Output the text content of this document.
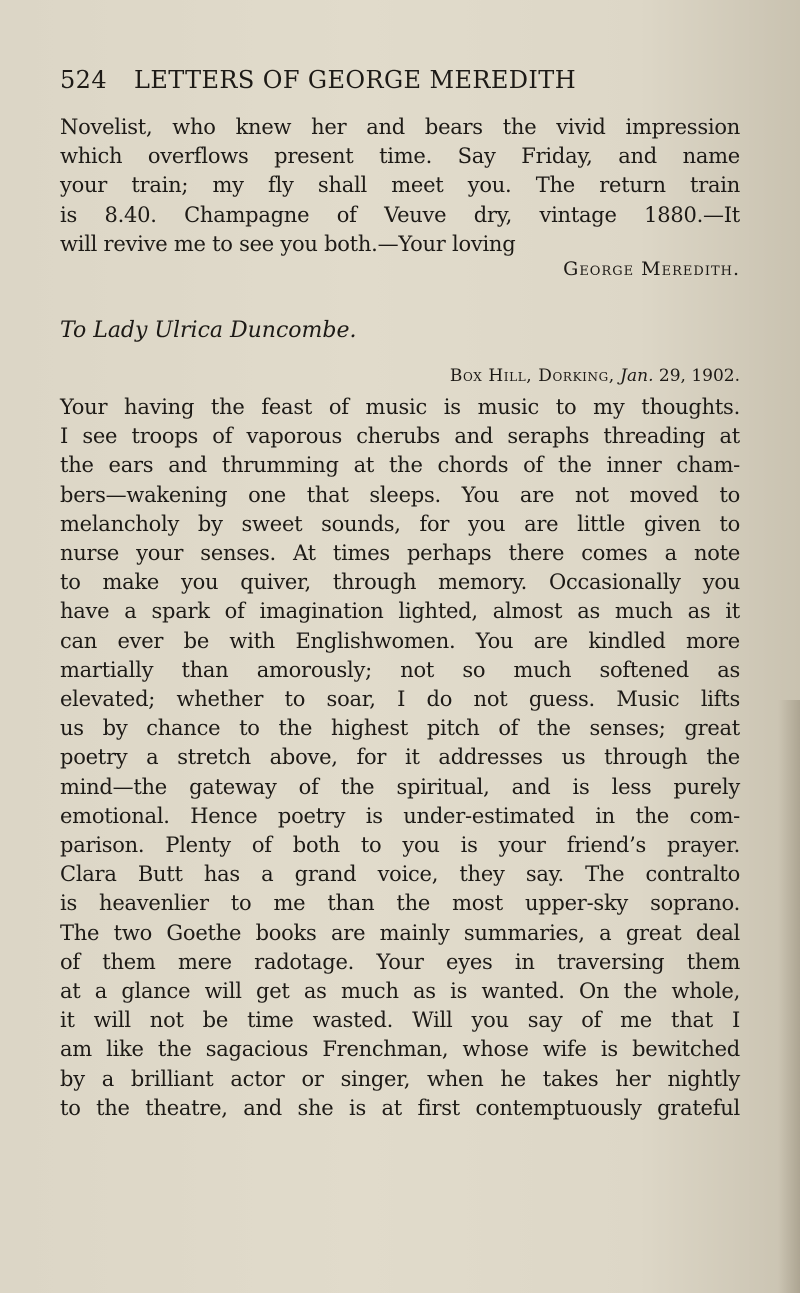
524 LETTERS OF GEORGE MEREDITH
Novelist, who knew her and bears the vivid impression
which overflows present time. Say Friday, and name
your train; my fly shall meet you. The return train
is 8.40. Champagne of Veuve dry, vintage 1880.—It
will revive me to see you both.—Your loving
George Meredith.
To Lady Ulrica Duncombe.
Box Hill, Dorking, Jan. 29, 1902.
Your having the feast of music is music to my thoughts.
I see troops of vaporous cherubs and seraphs threading at
the ears and thrumming at the chords of the inner cham-
bers—wakening one that sleeps. You are not moved to
melancholy by sweet sounds, for you are little given to
nurse your senses. At times perhaps there comes a note
to make you quiver, through memory. Occasionally you
have a spark of imagination lighted, almost as much as it
can ever be with Englishwomen. You are kindled more
martially than amorously; not so much softened as
elevated; whether to soar, I do not guess. Music lifts
us by chance to the highest pitch of the senses; great
poetry a stretch above, for it addresses us through the
mind—the gateway of the spiritual, and is less purely
emotional. Hence poetry is under-estimated in the com-
parison. Plenty of both to you is your friend’s prayer.
Clara Butt has a grand voice, they say. The contralto
is heavenlier to me than the most upper-sky soprano.
The two Goethe books are mainly summaries, a great deal
of them mere radotage. Your eyes in traversing them
at a glance will get as much as is wanted. On the whole,
it will not be time wasted. Will you say of me that I
am like the sagacious Frenchman, whose wife is bewitched
by a brilliant actor or singer, when he takes her nightly
to the theatre, and she is at first contemptuously grateful
